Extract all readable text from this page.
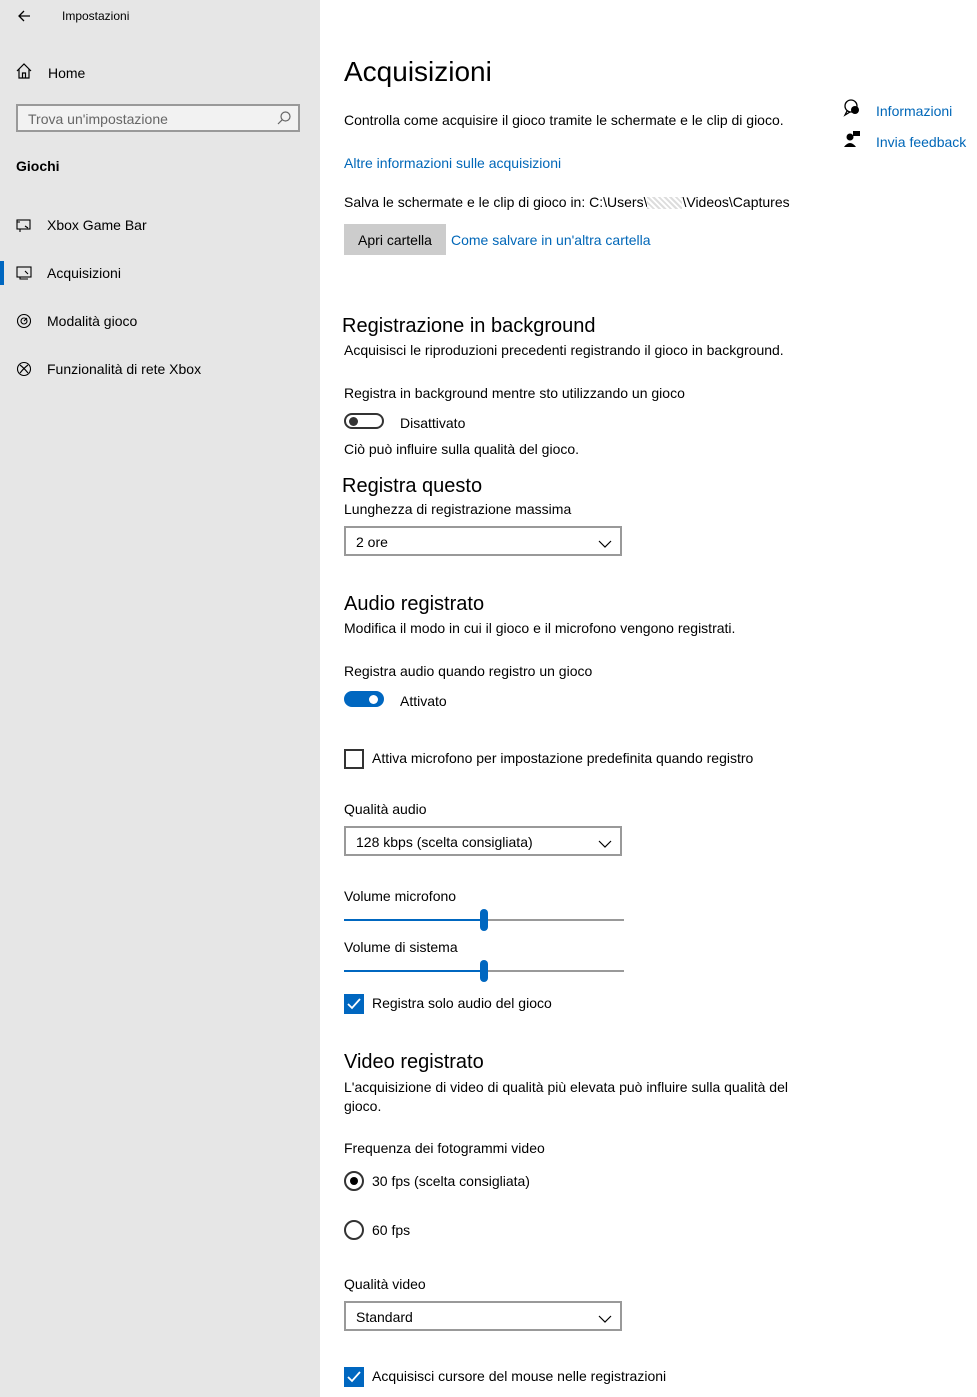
Impostazioni
Home
Trova un'impostazione
Giochi
Xbox Game Bar
Acquisizioni
Modalità gioco
Funzionalità di rete Xbox
Acquisizioni
Controlla come acquisire il gioco tramite le schermate e le clip di gioco.
Altre informazioni sulle acquisizioni
Salva le schermate e le clip di gioco in: C:\Users\	\Videos\Captures
Apri cartella	Come salvare in un'altra cartella
Registrazione in background
Acquisisci le riproduzioni precedenti registrando il gioco in background.
Registra in background mentre sto utilizzando un gioco
Disattivato
Ciò può influire sulla qualità del gioco.
Registra questo
Lunghezza di registrazione massima
2 ore
Audio registrato
Modifica il modo in cui il gioco e il microfono vengono registrati.
Registra audio quando registro un gioco
Attivato
Attiva microfono per impostazione predefinita quando registro
Qualità audio
128 kbps (scelta consigliata)
Volume microfono
Volume di sistema
Registra solo audio del gioco
Video registrato
L'acquisizione di video di qualità più elevata può influire sulla qualità del
gioco.
Frequenza dei fotogrammi video
30 fps (scelta consigliata)
60 fps
Qualità video
Standard
Acquisisci cursore del mouse nelle registrazioni
Informazioni
Invia feedback
